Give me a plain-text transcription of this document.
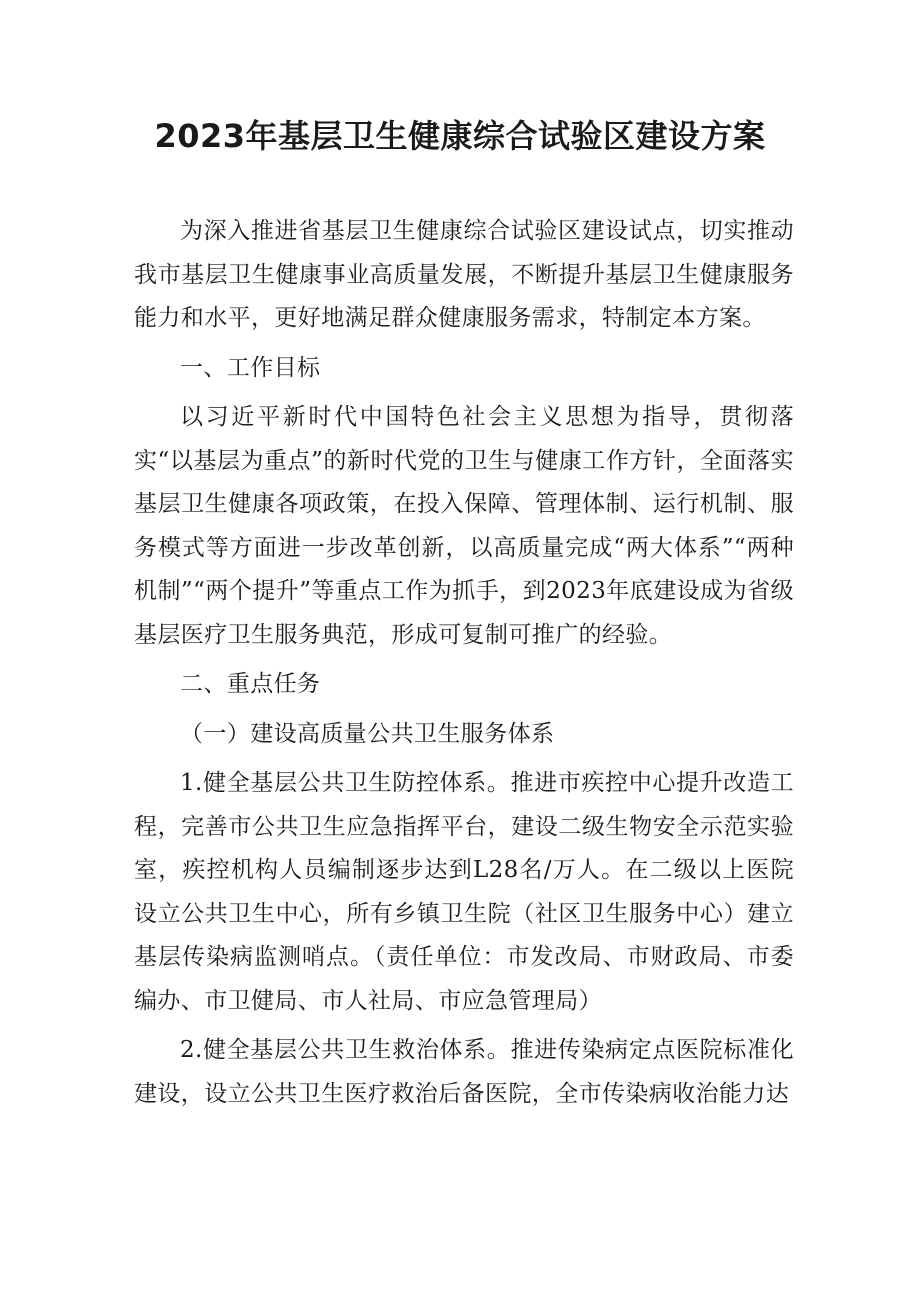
2023年基层卫生健康综合试验区建设方案

为深入推进省基层卫生健康综合试验区建设试点，切实推动我市基层卫生健康事业高质量发展，不断提升基层卫生健康服务能力和水平，更好地满足群众健康服务需求，特制定本方案。

一、工作目标

以习近平新时代中国特色社会主义思想为指导，贯彻落实“以基层为重点”的新时代党的卫生与健康工作方针，全面落实基层卫生健康各项政策，在投入保障、管理体制、运行机制、服务模式等方面进一步改革创新，以高质量完成“两大体系”“两种机制”“两个提升”等重点工作为抓手，到2023年底建设成为省级基层医疗卫生服务典范，形成可复制可推广的经验。

二、重点任务

（一）建设高质量公共卫生服务体系

1.健全基层公共卫生防控体系。推进市疾控中心提升改造工程，完善市公共卫生应急指挥平台，建设二级生物安全示范实验室，疾控机构人员编制逐步达到L28名/万人。在二级以上医院设立公共卫生中心，所有乡镇卫生院（社区卫生服务中心）建立基层传染病监测哨点。（责任单位：市发改局、市财政局、市委编办、市卫健局、市人社局、市应急管理局）

2.健全基层公共卫生救治体系。推进传染病定点医院标准化建设，设立公共卫生医疗救治后备医院，全市传染病收治能力达
